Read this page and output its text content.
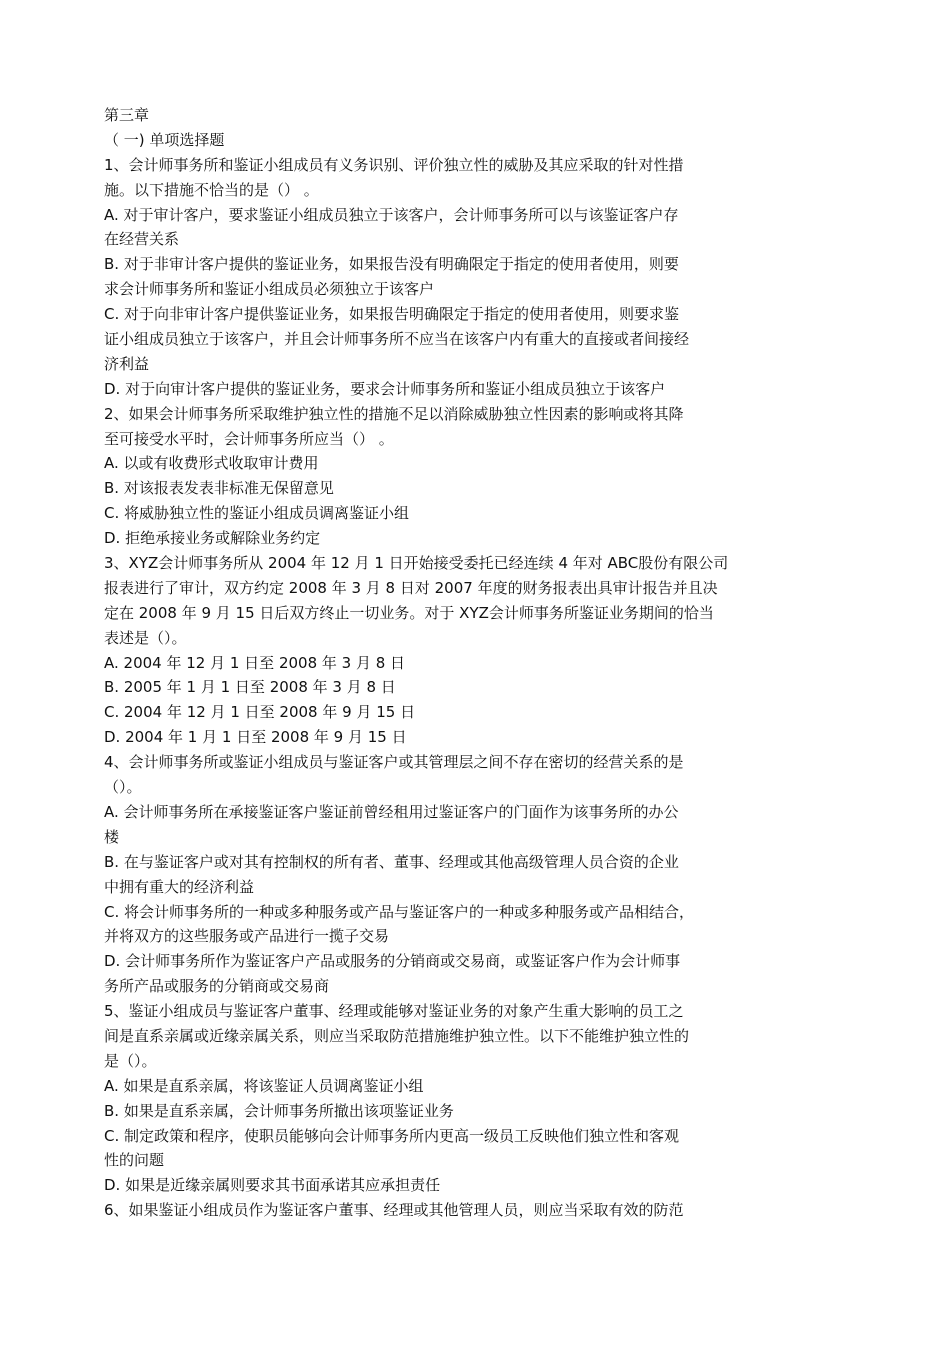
第三章
（ 一) 单项选择题
1、会计师事务所和鉴证小组成员有义务识别、评价独立性的威胁及其应采取的针对性措
施。以下措施不恰当的是（） 。
A. 对于审计客户，要求鉴证小组成员独立于该客户，会计师事务所可以与该鉴证客户存
在经营关系
B. 对于非审计客户提供的鉴证业务，如果报告没有明确限定于指定的使用者使用，则要
求会计师事务所和鉴证小组成员必须独立于该客户
C. 对于向非审计客户提供鉴证业务，如果报告明确限定于指定的使用者使用，则要求鉴
证小组成员独立于该客户，并且会计师事务所不应当在该客户内有重大的直接或者间接经
济利益
D. 对于向审计客户提供的鉴证业务，要求会计师事务所和鉴证小组成员独立于该客户
2、如果会计师事务所采取维护独立性的措施不足以消除威胁独立性因素的影响或将其降
至可接受水平时，会计师事务所应当（） 。
A. 以或有收费形式收取审计费用
B. 对该报表发表非标准无保留意见
C. 将威胁独立性的鉴证小组成员调离鉴证小组
D. 拒绝承接业务或解除业务约定
3、XYZ会计师事务所从 2004 年 12 月 1 日开始接受委托已经连续 4 年对 ABC股份有限公司
报表进行了审计，双方约定 2008 年 3 月 8 日对 2007 年度的财务报表出具审计报告并且决
定在 2008 年 9 月 15 日后双方终止一切业务。对于 XYZ会计师事务所鉴证业务期间的恰当
表述是（）。
A. 2004 年 12 月 1 日至 2008 年 3 月 8 日
B. 2005 年 1 月 1 日至 2008 年 3 月 8 日
C. 2004 年 12 月 1 日至 2008 年 9 月 15 日
D. 2004 年 1 月 1 日至 2008 年 9 月 15 日
4、会计师事务所或鉴证小组成员与鉴证客户或其管理层之间不存在密切的经营关系的是
（）。
A. 会计师事务所在承接鉴证客户鉴证前曾经租用过鉴证客户的门面作为该事务所的办公
楼
B. 在与鉴证客户或对其有控制权的所有者、董事、经理或其他高级管理人员合资的企业
中拥有重大的经济利益
C. 将会计师事务所的一种或多种服务或产品与鉴证客户的一种或多种服务或产品相结合，
并将双方的这些服务或产品进行一揽子交易
D. 会计师事务所作为鉴证客户产品或服务的分销商或交易商，或鉴证客户作为会计师事
务所产品或服务的分销商或交易商
5、鉴证小组成员与鉴证客户董事、经理或能够对鉴证业务的对象产生重大影响的员工之
间是直系亲属或近缘亲属关系，则应当采取防范措施维护独立性。以下不能维护独立性的
是（）。
A. 如果是直系亲属，将该鉴证人员调离鉴证小组
B. 如果是直系亲属，会计师事务所撤出该项鉴证业务
C. 制定政策和程序，使职员能够向会计师事务所内更高一级员工反映他们独立性和客观
性的问题
D. 如果是近缘亲属则要求其书面承诺其应承担责任
6、如果鉴证小组成员作为鉴证客户董事、经理或其他管理人员，则应当采取有效的防范
